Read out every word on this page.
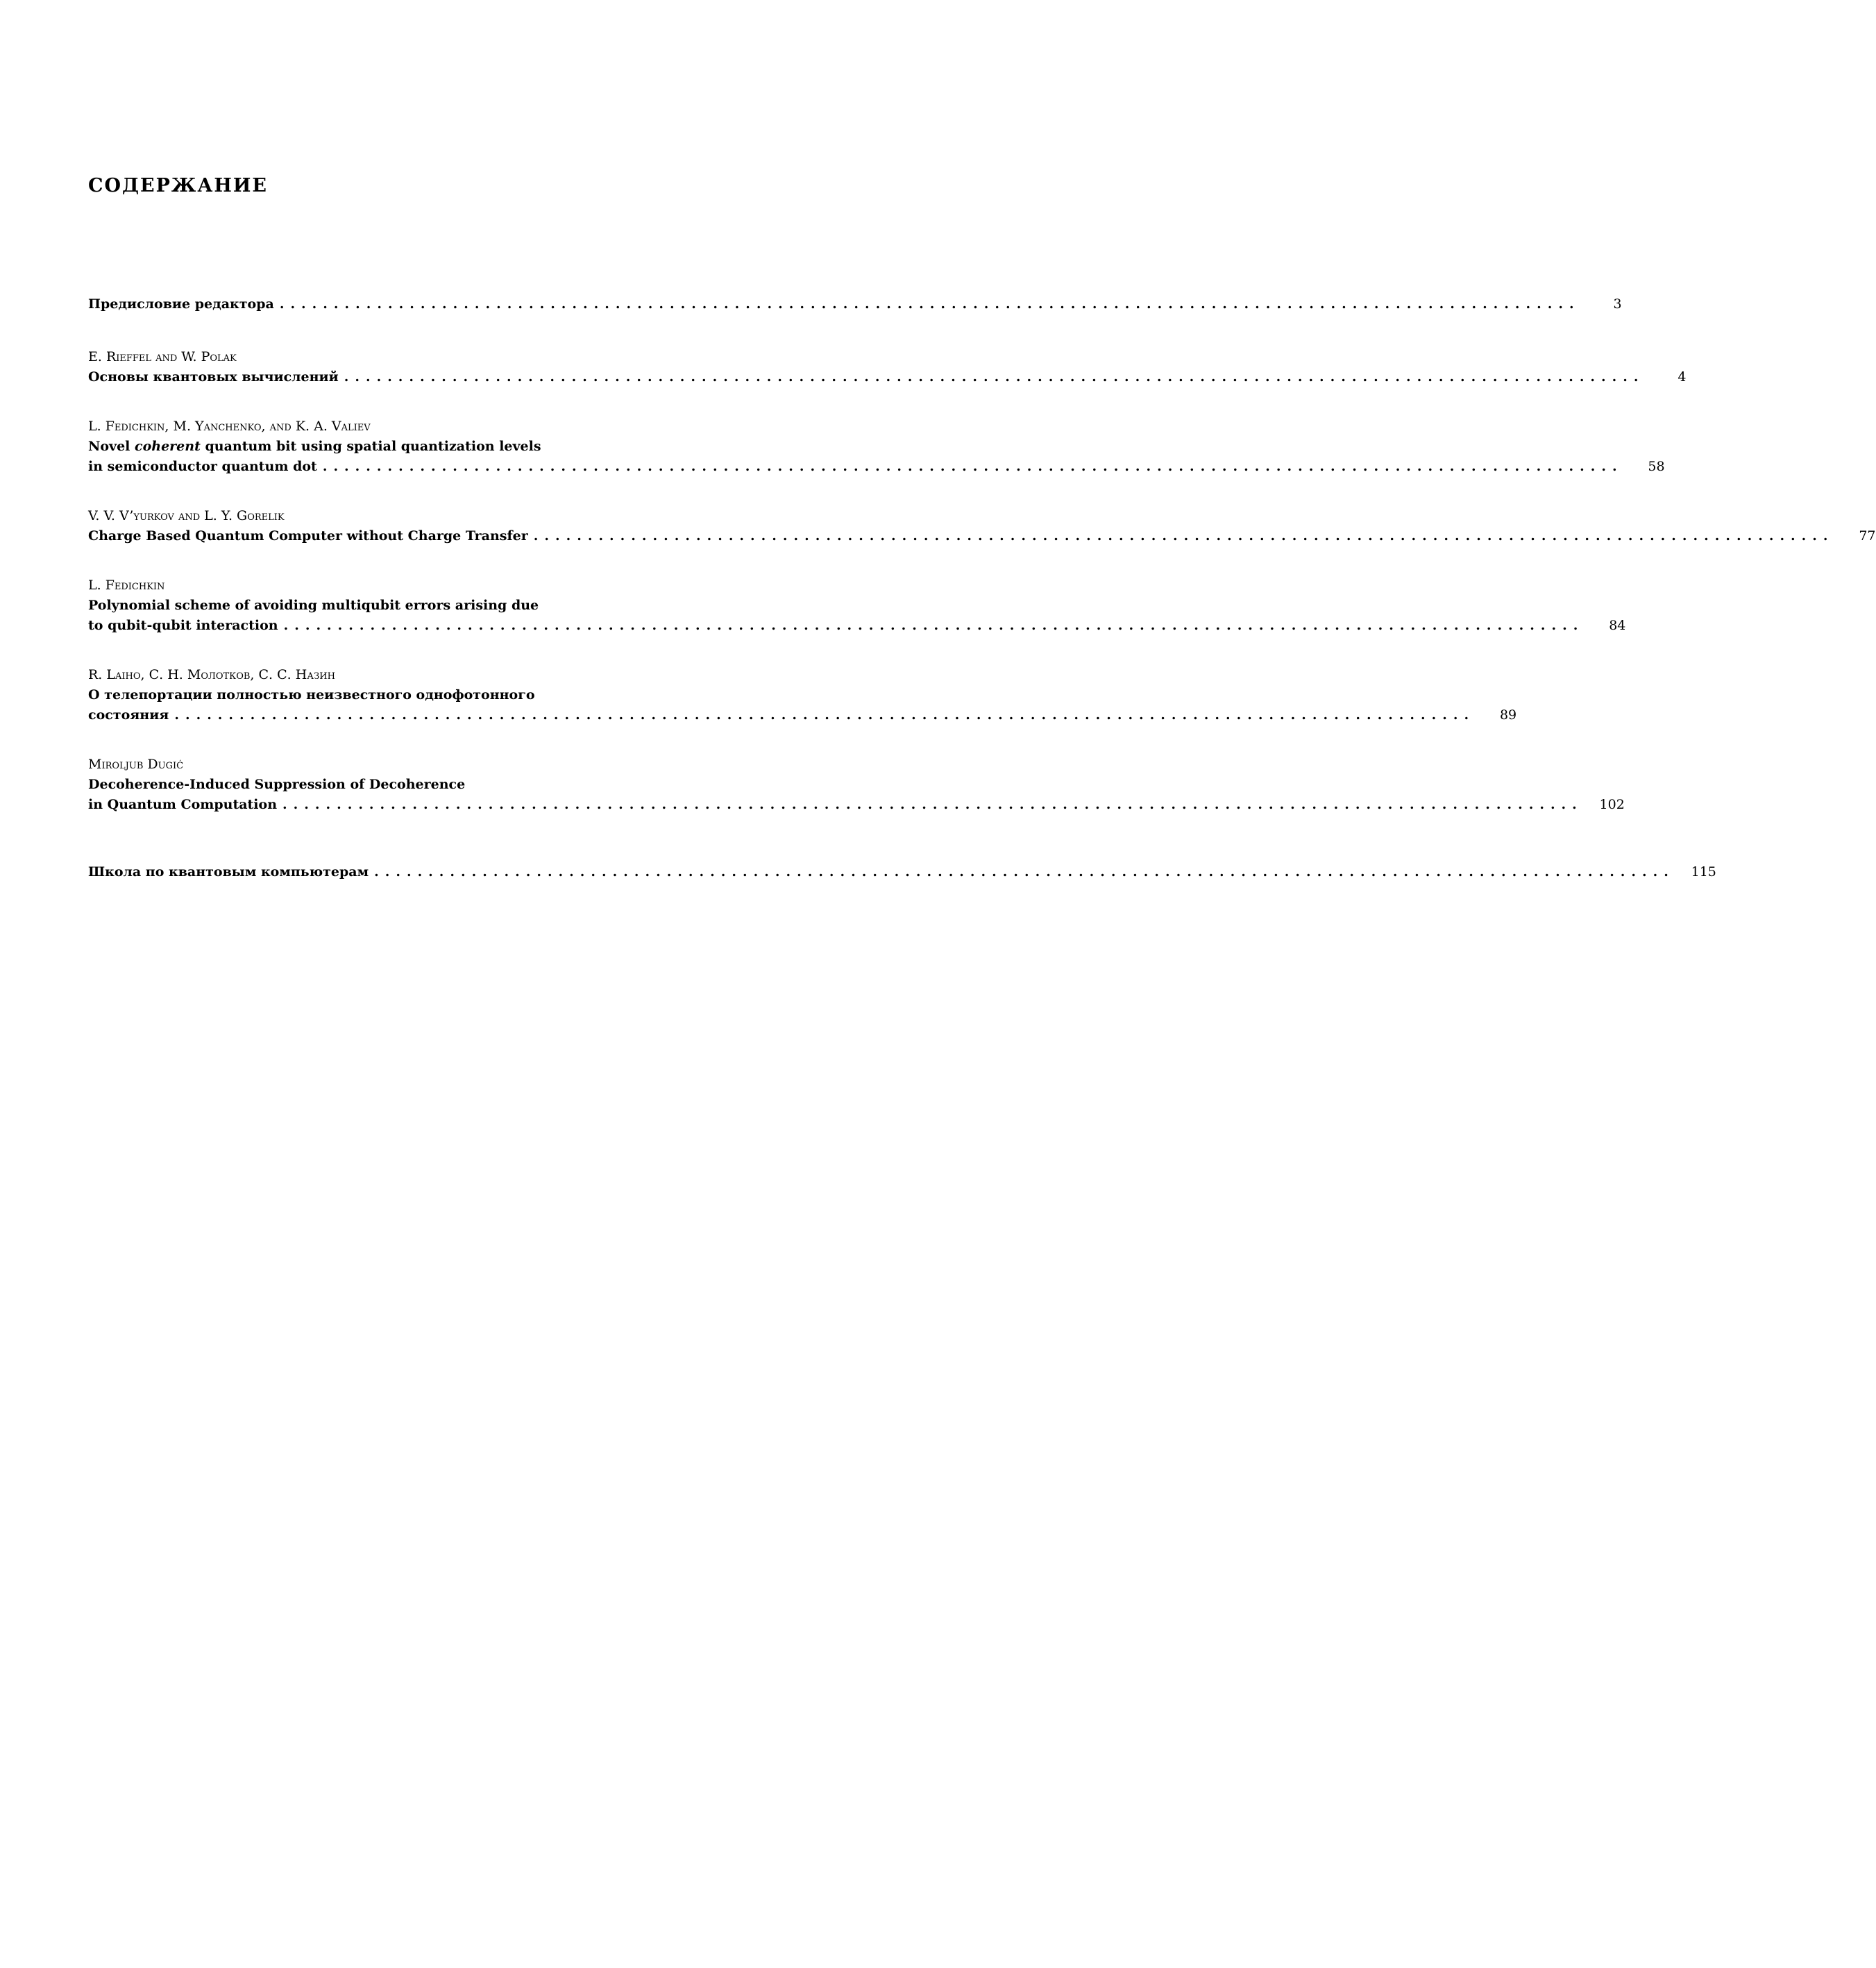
СОДЕРЖАНИЕ
Предисловие редактора ........................................................................................................................	3
E. Rieffel and W. Polak
Основы квантовых вычислений ........................................................................................................................	4
L. Fedichkin, M. Yanchenko, and K. A. Valiev
Novel coherent quantum bit using spatial quantization levels
in semiconductor quantum dot ........................................................................................................................	58
V. V. V’yurkov and L. Y. Gorelik
Charge Based Quantum Computer without Charge Transfer ........................................................................................................................	77
L. Fedichkin
Polynomial scheme of avoiding multiqubit errors arising due
to qubit-qubit interaction ........................................................................................................................	84
R. Laiho, С. Н. Молотков, С. С. Назин
О телепортации полностью неизвестного однофотонного
состояния ........................................................................................................................	89
Miroljub Dugić
Decoherence-Induced Suppression of Decoherence
in Quantum Computation ........................................................................................................................	102
Школа по квантовым компьютерам ........................................................................................................................	115
